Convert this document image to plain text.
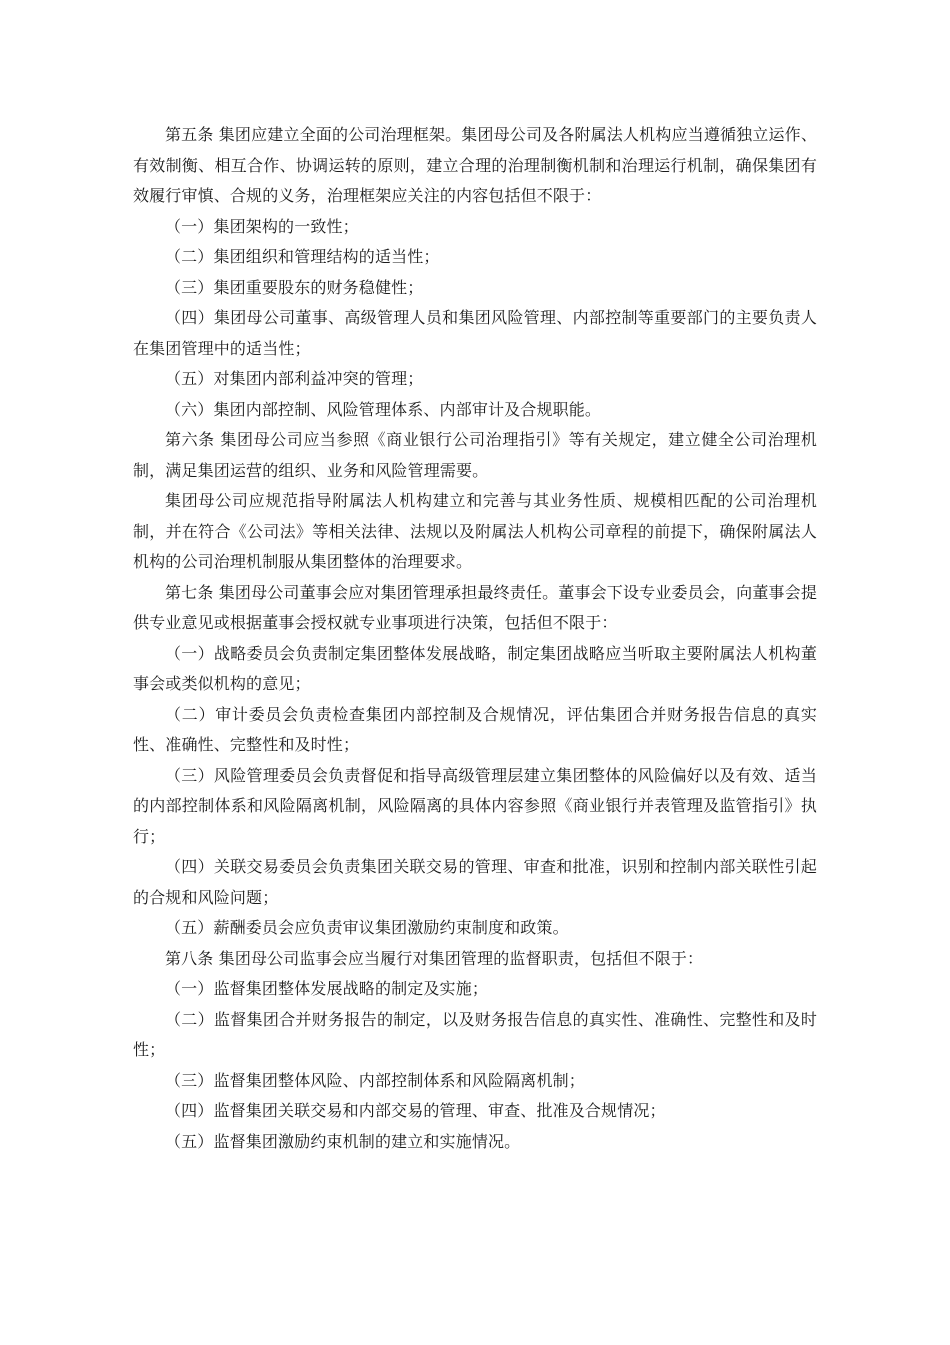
第五条 集团应建立全面的公司治理框架。集团母公司及各附属法人机构应当遵循独立运作、有效制衡、相互合作、协调运转的原则，建立合理的治理制衡机制和治理运行机制，确保集团有效履行审慎、合规的义务，治理框架应关注的内容包括但不限于：

（一）集团架构的一致性；

（二）集团组织和管理结构的适当性；

（三）集团重要股东的财务稳健性；

（四）集团母公司董事、高级管理人员和集团风险管理、内部控制等重要部门的主要负责人在集团管理中的适当性；

（五）对集团内部利益冲突的管理；

（六）集团内部控制、风险管理体系、内部审计及合规职能。

第六条 集团母公司应当参照《商业银行公司治理指引》等有关规定，建立健全公司治理机制，满足集团运营的组织、业务和风险管理需要。

集团母公司应规范指导附属法人机构建立和完善与其业务性质、规模相匹配的公司治理机制，并在符合《公司法》等相关法律、法规以及附属法人机构公司章程的前提下，确保附属法人机构的公司治理机制服从集团整体的治理要求。

第七条 集团母公司董事会应对集团管理承担最终责任。董事会下设专业委员会，向董事会提供专业意见或根据董事会授权就专业事项进行决策，包括但不限于：

（一）战略委员会负责制定集团整体发展战略，制定集团战略应当听取主要附属法人机构董事会或类似机构的意见；

（二）审计委员会负责检查集团内部控制及合规情况，评估集团合并财务报告信息的真实性、准确性、完整性和及时性；

（三）风险管理委员会负责督促和指导高级管理层建立集团整体的风险偏好以及有效、适当的内部控制体系和风险隔离机制，风险隔离的具体内容参照《商业银行并表管理及监管指引》执行；

（四）关联交易委员会负责集团关联交易的管理、审查和批准，识别和控制内部关联性引起的合规和风险问题；

（五）薪酬委员会应负责审议集团激励约束制度和政策。

第八条 集团母公司监事会应当履行对集团管理的监督职责，包括但不限于：

（一）监督集团整体发展战略的制定及实施；

（二）监督集团合并财务报告的制定，以及财务报告信息的真实性、准确性、完整性和及时性；

（三）监督集团整体风险、内部控制体系和风险隔离机制；

（四）监督集团关联交易和内部交易的管理、审查、批准及合规情况；

（五）监督集团激励约束机制的建立和实施情况。
